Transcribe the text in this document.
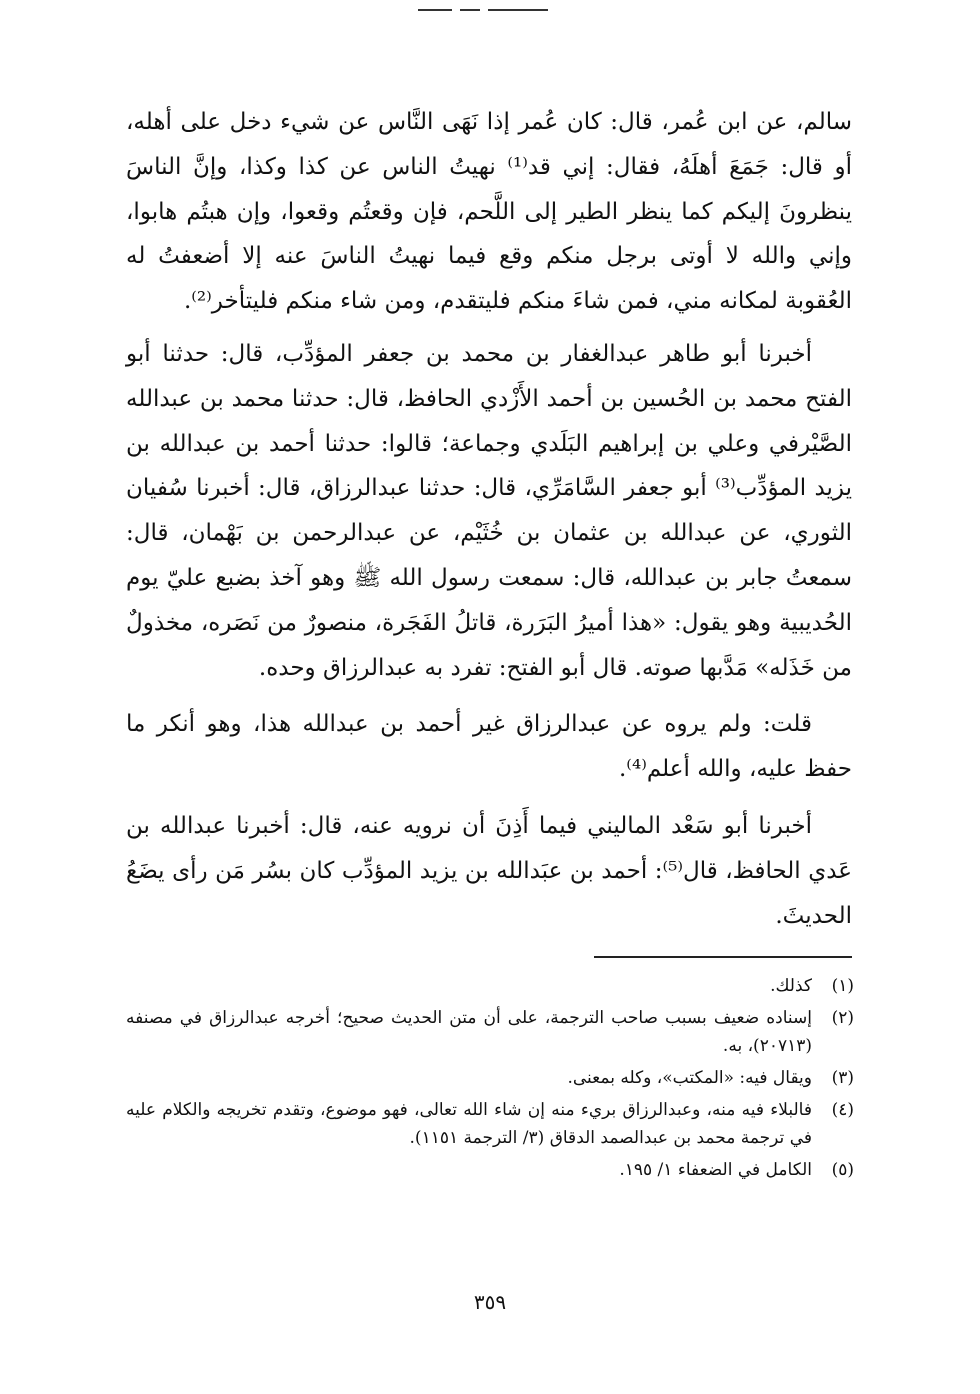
سالم، عن ابن عُمر، قال: كان عُمر إذا نَهَى النَّاس عن شيء دخل على أهله، أو قال: جَمَعَ أهلَهُ، فقال: إني قد⁽¹⁾ نهيتُ الناس عن كذا وكذا، وإنَّ الناسَ ينظرونَ إليكم كما ينظر الطير إلى اللَّحم، فإن وقعتُم وقعوا، وإن هبتُم هابوا، وإني والله لا أوتى برجل منكم وقع فيما نهيتُ الناسَ عنه إلا أضعفتُ له العُقوبة لمكانه مني، فمن شاءَ منكم فليتقدم، ومن شاء منكم فليتأخر⁽²⁾.

أخبرنا أبو طاهر عبدالغفار بن محمد بن جعفر المؤدِّب، قال: حدثنا أبو الفتح محمد بن الحُسين بن أحمد الأَزْدي الحافظ، قال: حدثنا محمد بن عبدالله الصَّيْرفي وعلي بن إبراهيم البَلَدي وجماعة؛ قالوا: حدثنا أحمد بن عبدالله بن يزيد المؤدِّب⁽³⁾ أبو جعفر السَّامَرِّي، قال: حدثنا عبدالرزاق، قال: أخبرنا سُفيان الثوري، عن عبدالله بن عثمان بن خُثَيْم، عن عبدالرحمن بن بَهْمان، قال: سمعتُ جابر بن عبدالله، قال: سمعت رسول الله ﷺ وهو آخذ بضبع عليّ يوم الحُديبية وهو يقول: «هذا أميرُ البَرَرة، قاتلُ الفَجَرة، منصورٌ من نَصَره، مخذولٌ من خَذَله» مَدَّبها صوته. قال أبو الفتح: تفرد به عبدالرزاق وحده.

قلت: ولم يروه عن عبدالرزاق غير أحمد بن عبدالله هذا، وهو أنكر ما حفظ عليه، والله أعلم⁽⁴⁾.

أخبرنا أبو سَعْد الماليني فيما أَذِنَ أن نرويه عنه، قال: أخبرنا عبدالله بن عَدي الحافظ، قال⁽⁵⁾: أحمد بن عبَدالله بن يزيد المؤدِّب كان بسُر مَن رأى يضَعُ الحديثَ.

(١)
كذلك.
(٢)
إسناده ضعيف بسبب صاحب الترجمة، على أن متن الحديث صحيح؛ أخرجه عبدالرزاق في مصنفه (٢٠٧١٣)، به.
(٣)
ويقال فيه: «المكتب»، وكله بمعنى.
(٤)
فالبلاء فيه منه، وعبدالرزاق بريء منه إن شاء الله تعالى، فهو موضوع، وتقدم تخريجه والكلام عليه في ترجمة محمد بن عبدالصمد الدقاق (٣/ الترجمة ١١٥١).
(٥)
الكامل في الضعفاء ١/ ١٩٥.
٣٥٩
